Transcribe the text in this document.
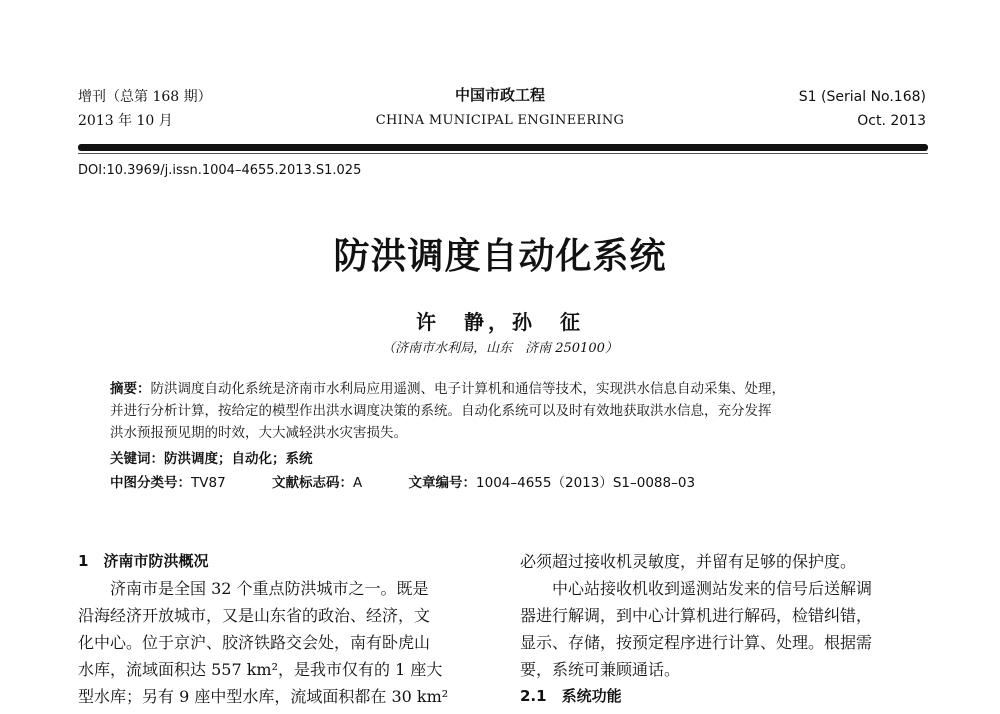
增刊（总第 168 期）
2013 年 10 月
中国市政工程
CHINA MUNICIPAL ENGINEERING
S1 (Serial No.168)
Oct. 2013
DOI:10.3969/j.issn.1004–4655.2013.S1.025
防洪调度自动化系统
许　静，孙　征
（济南市水利局，山东　济南 250100）
摘要：防洪调度自动化系统是济南市水利局应用遥测、电子计算机和通信等技术，实现洪水信息自动采集、处理，
并进行分析计算，按给定的模型作出洪水调度决策的系统。自动化系统可以及时有效地获取洪水信息，充分发挥
洪水预报预见期的时效，大大减轻洪水灾害损失。
关键词：防洪调度；自动化；系统
中图分类号：TV87	文献标志码：A	文章编号：1004–4655（2013）S1–0088–03
1　济南市防洪概况
济南市是全国 32 个重点防洪城市之一。既是
沿海经济开放城市，又是山东省的政治、经济，文
化中心。位于京沪、胶济铁路交会处，南有卧虎山
水库，流域面积达 557 km²，是我市仅有的 1 座大
型水库；另有 9 座中型水库，流域面积都在 30 km²
必须超过接收机灵敏度，并留有足够的保护度。
中心站接收机收到遥测站发来的信号后送解调
器进行解调，到中心计算机进行解码，检错纠错，
显示、存储，按预定程序进行计算、处理。根据需
要，系统可兼顾通话。
2.1　系统功能
